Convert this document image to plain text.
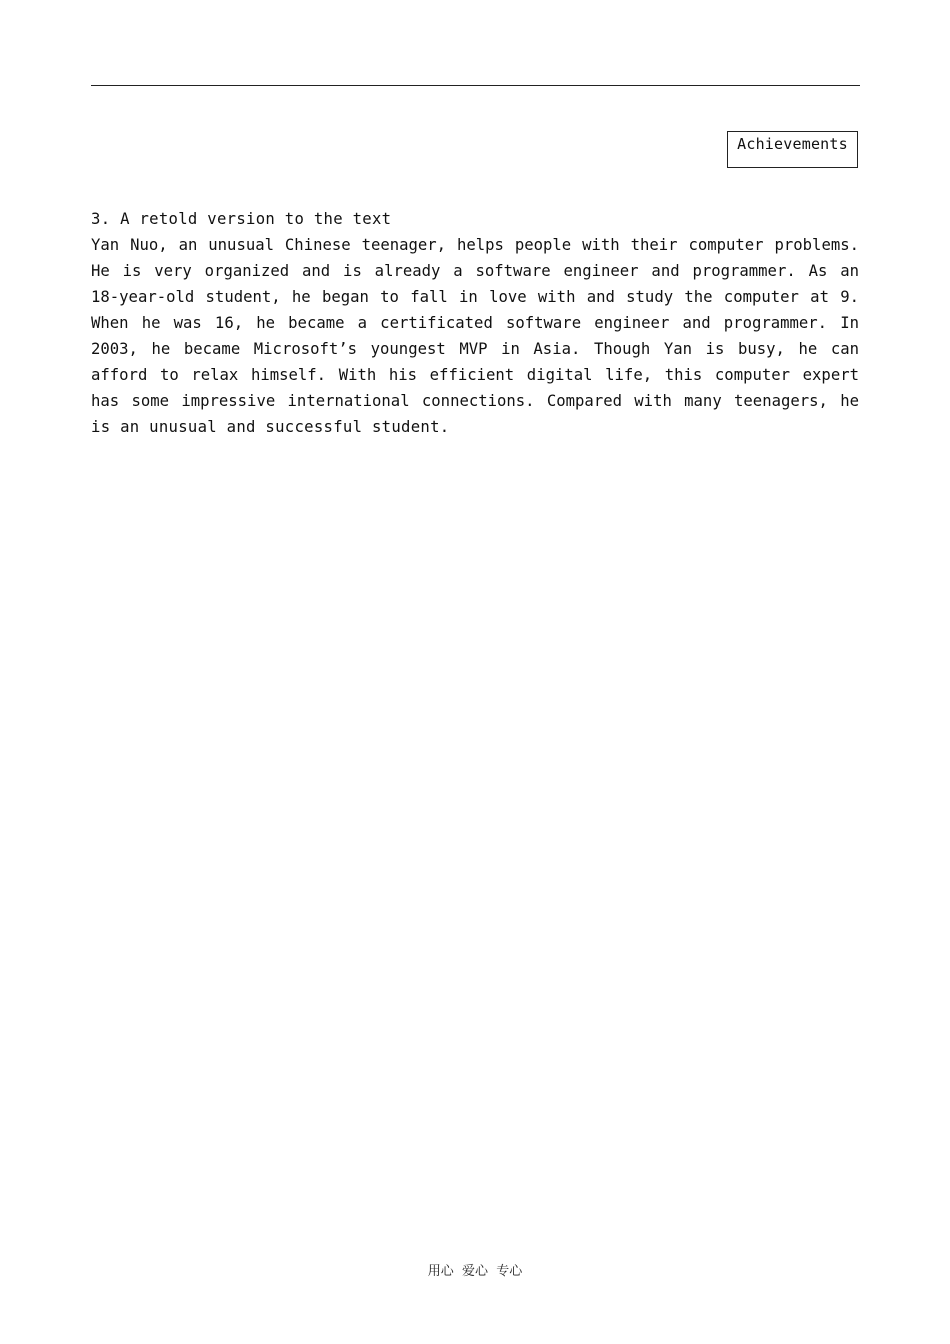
Achievements

3. A retold version to the text

Yan Nuo, an unusual Chinese teenager, helps people with their computer problems.
He is very organized and is already a software engineer and programmer. As an
18-year-old student, he began to fall in love with and study the computer at 9.
When he was 16, he became a certificated software engineer and programmer. In
2003, he became Microsoft’s youngest MVP in Asia. Though Yan is busy, he can
afford to relax himself. With his efficient digital life, this computer expert
has some impressive international connections. Compared with many teenagers, he
is an unusual and successful student.
用心  爱心  专心
